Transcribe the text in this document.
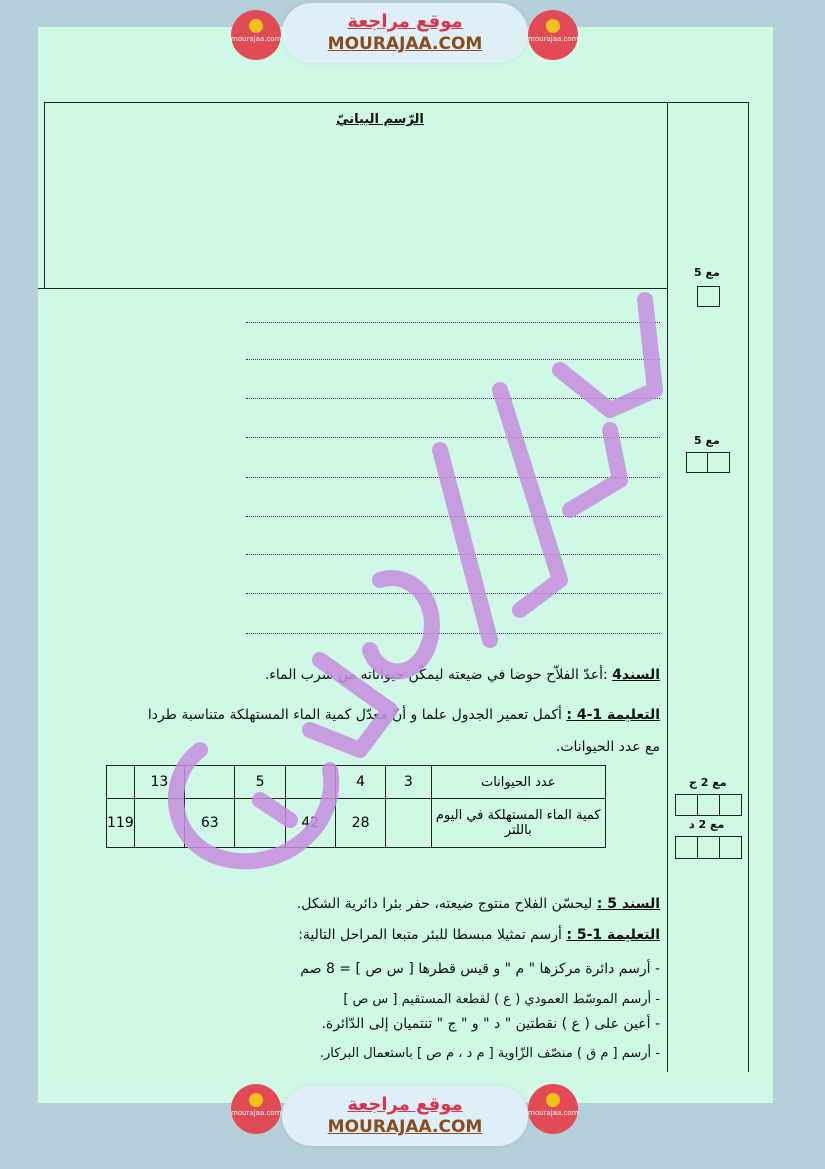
mourajaa.com
موقع مراجعة
MOURAJAA.COM	mourajaa.com
الرّسم البيانيّ
مع 5
مع 5
مع 2 ج
مع 2 د
السند4 :أعدّ الفلاّح حوضا في ضيعته ليمكّن حيواناته من شرب الماء.
التعليمة 1-4 : أكمل تعمير الجدول علما و أنّ معدّل كمية الماء المستهلكة متناسبة طردا
مع عدد الحيوانات.
عدد الحيوانات	3	4		5		13	
كمية الماء المستهلكة في اليوم باللتر		28	42		63		119
السند 5 : ليحسّن الفلاح منتوج ضيعته، حفر بئرا دائرية الشكل.
التعليمة 1-5 : أرسم تمثيلا مبسطا للبئر متبعا المراحل التالية:
- أرسم دائرة مركزها " م " و قيس قطرها [ س ص ] = 8 صم
- أرسم الموسّط العمودي ( ع ) لقطعة المستقيم [ س ص ]
- أعين على ( ع ) نقطتين " د " و " ج " تنتميان إلى الدّائرة.
- أرسم [ م ق ) منصّف الزّاوية [ م د ، م ص ] باستعمال البركار.
mourajaa.com	موقع مراجعة
MOURAJAA.COM
mourajaa.com
